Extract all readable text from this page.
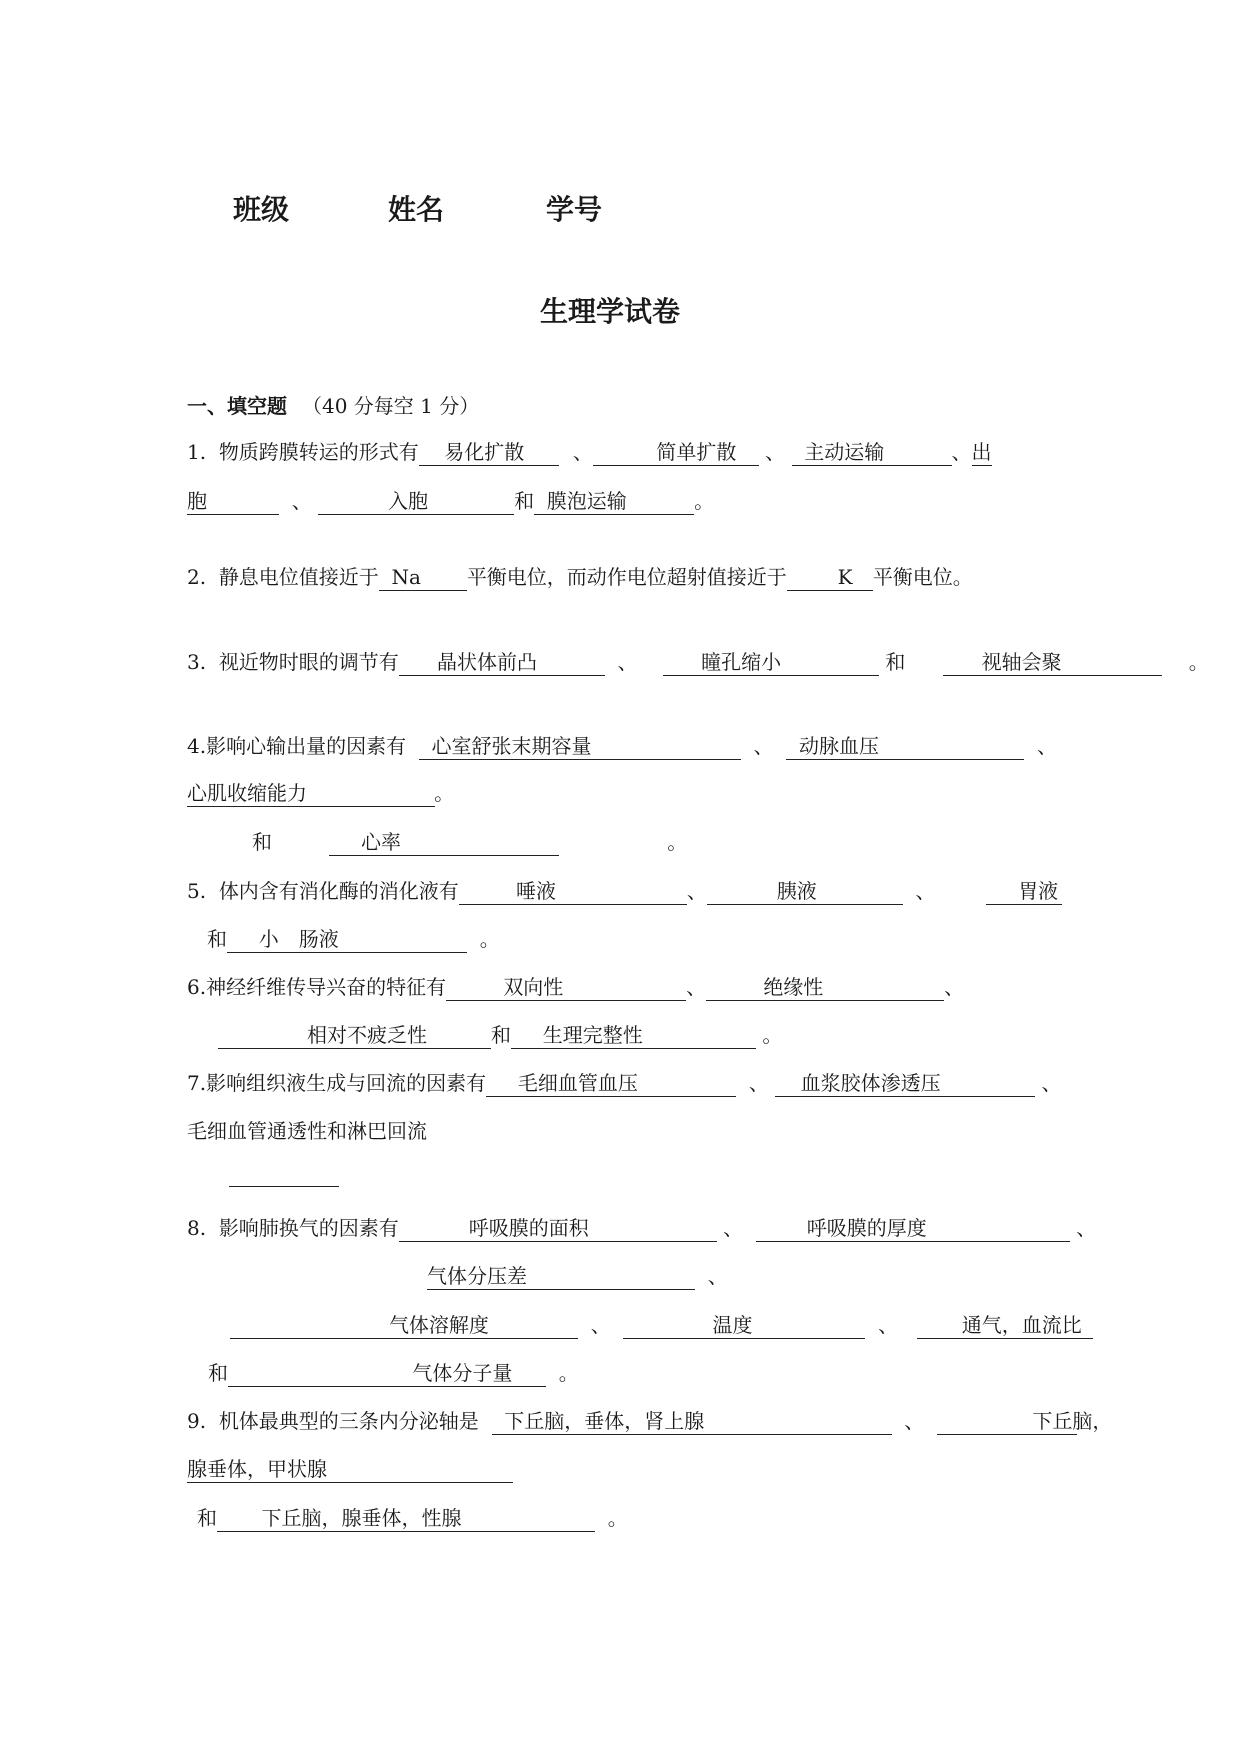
班级	姓名	学号
生理学试卷
一、填空题 （40 分每空 1 分）
1. 物质跨膜转运的形式有 易化扩散 、	简单扩散 、 主动运输	、出
胞	、	入胞	和 膜泡运输	。
2. 静息电位值接近于 Na 平衡电位，而动作电位超射值接近于	K 平衡电位。
3. 视近物时眼的调节有 晶状体前凸	、	瞳孔缩小	和	视轴会聚	。
4.影响心输出量的因素有 心室舒张末期容量	、 动脉血压	、
心肌收缩能力	。
和	心率	。
5. 体内含有消化酶的消化液有	唾液	、	胰液	、	胃液
和 小　肠液	。
6.神经纤维传导兴奋的特征有	双向性	、	绝缘性	、
相对不疲乏性	和 生理完整性	。
7.影响组织液生成与回流的因素有 毛细血管血压	、 血浆胶体渗透压	、
毛细血管通透性和淋巴回流
8. 影响肺换气的因素有	呼吸膜的面积	、	呼吸膜的厚度	、
气体分压差	、
气体溶解度	、	温度	、	通气，血流比
和	气体分子量 。
9. 机体最典型的三条内分泌轴是 下丘脑，垂体，肾上腺	、	下丘脑，
腺垂体，甲状腺
和 下丘脑，腺垂体，性腺	。
